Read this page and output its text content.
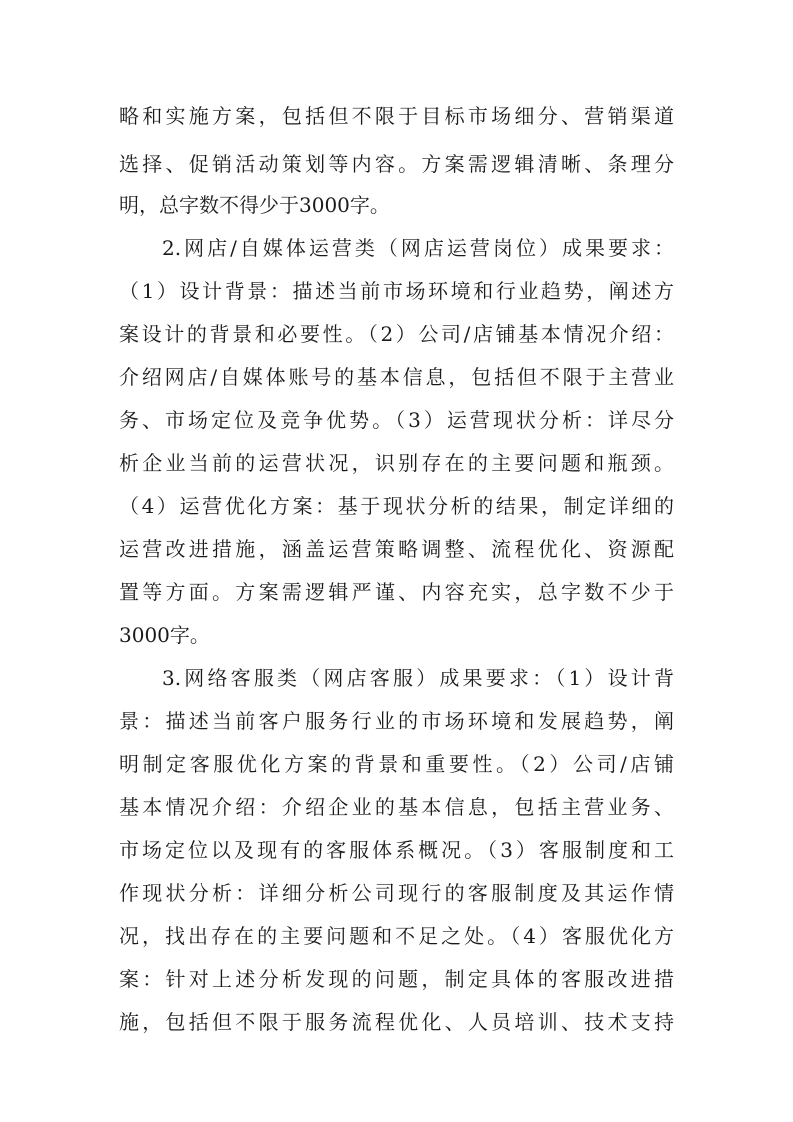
略和实施方案，包括但不限于目标市场细分、营销渠道
选择、促销活动策划等内容。方案需逻辑清晰、条理分
明，总字数不得少于3000字。
2.网店/自媒体运营类（网店运营岗位）成果要求：
（1）设计背景：描述当前市场环境和行业趋势，阐述方
案设计的背景和必要性。（2）公司/店铺基本情况介绍：
介绍网店/自媒体账号的基本信息，包括但不限于主营业
务、市场定位及竞争优势。（3）运营现状分析：详尽分
析企业当前的运营状况，识别存在的主要问题和瓶颈。
（4）运营优化方案：基于现状分析的结果，制定详细的
运营改进措施，涵盖运营策略调整、流程优化、资源配
置等方面。方案需逻辑严谨、内容充实，总字数不少于
3000字。
3.网络客服类（网店客服）成果要求：（1）设计背
景：描述当前客户服务行业的市场环境和发展趋势，阐
明制定客服优化方案的背景和重要性。（2）公司/店铺
基本情况介绍：介绍企业的基本信息，包括主营业务、
市场定位以及现有的客服体系概况。（3）客服制度和工
作现状分析：详细分析公司现行的客服制度及其运作情
况，找出存在的主要问题和不足之处。（4）客服优化方
案：针对上述分析发现的问题，制定具体的客服改进措
施，包括但不限于服务流程优化、人员培训、技术支持
